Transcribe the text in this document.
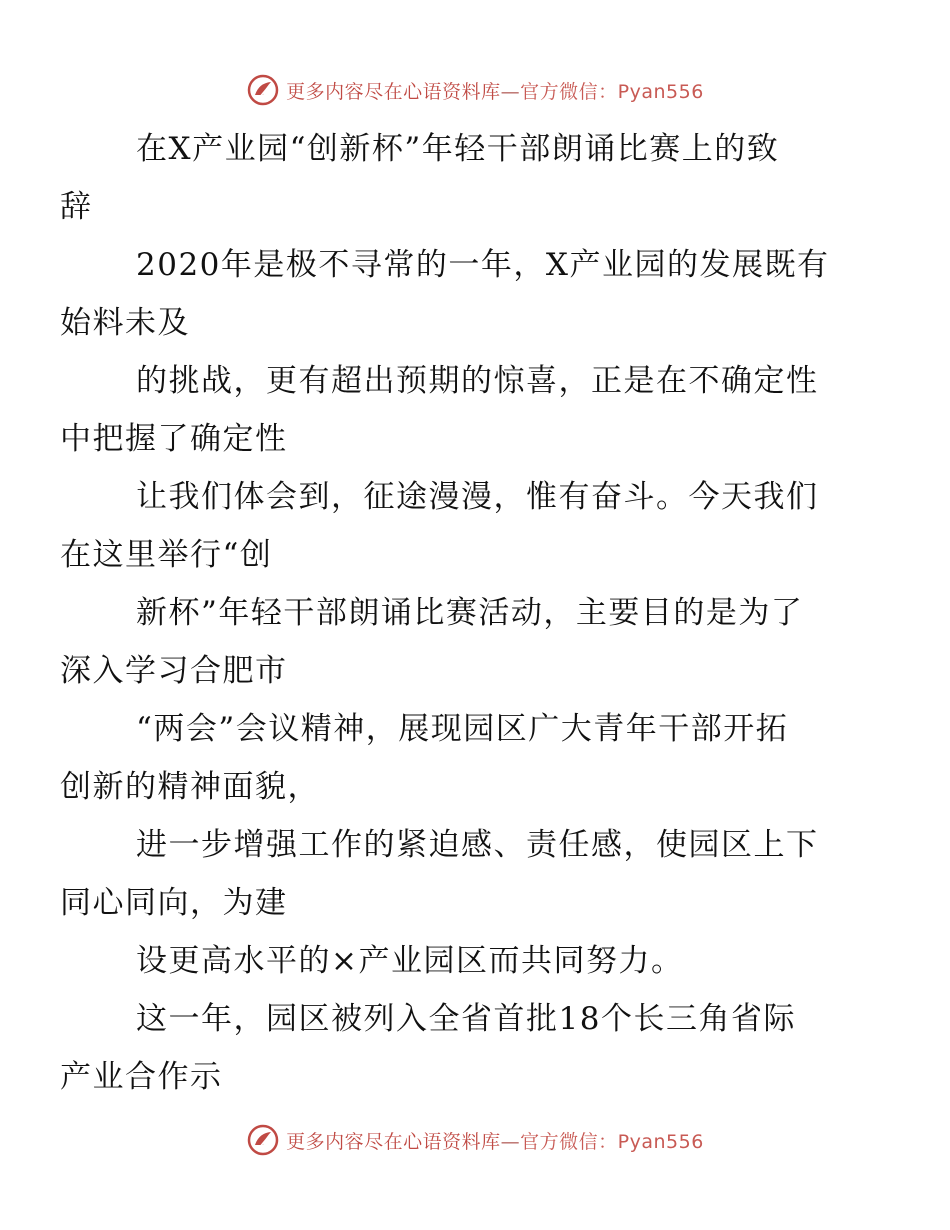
更多内容尽在心语资料库—官方微信：Pyan556

在X产业园“创新杯”年轻干部朗诵比赛上的致
辞

2020年是极不寻常的一年，X产业园的发展既有
始料未及

的挑战，更有超出预期的惊喜，正是在不确定性
中把握了确定性

让我们体会到，征途漫漫，惟有奋斗。今天我们
在这里举行“创

新杯”年轻干部朗诵比赛活动，主要目的是为了
深入学习合肥市

“两会”会议精神，展现园区广大青年干部开拓
创新的精神面貌，

进一步增强工作的紧迫感、责任感，使园区上下
同心同向，为建

设更高水平的×产业园区而共同努力。

这一年，园区被列入全省首批18个长三角省际
产业合作示

更多内容尽在心语资料库—官方微信：Pyan556
